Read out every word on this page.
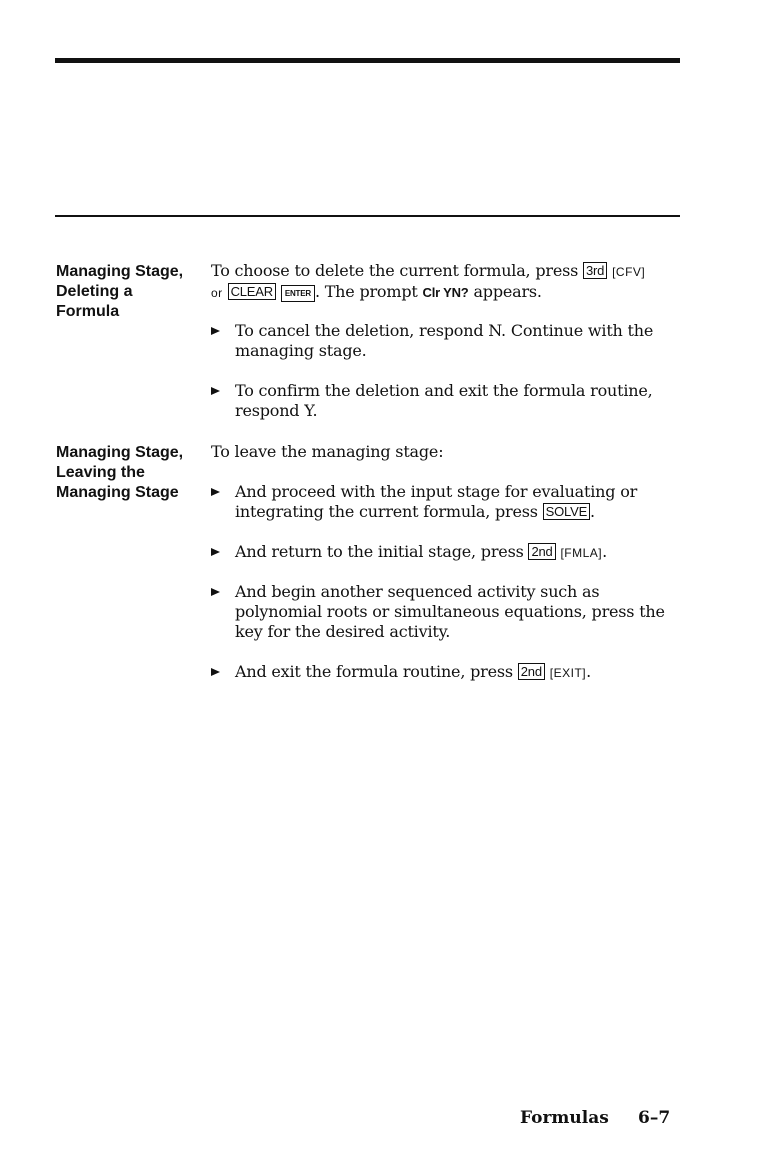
Managing Stage,
Deleting a
Formula
To choose to delete the current formula, press 3rd [CFV]
or CLEAR ENTER . The prompt Clr YN? appears.
To cancel the deletion, respond N. Continue with the managing stage.
To confirm the deletion and exit the formula routine, respond Y.
Managing Stage,
Leaving the
Managing Stage
To leave the managing stage:
And proceed with the input stage for evaluating or integrating the current formula, press SOLVE .
And return to the initial stage, press 2nd [FMLA].
And begin another sequenced activity such as polynomial roots or simultaneous equations, press the key for the desired activity.
And exit the formula routine, press 2nd [EXIT].
Formulas 6–7
